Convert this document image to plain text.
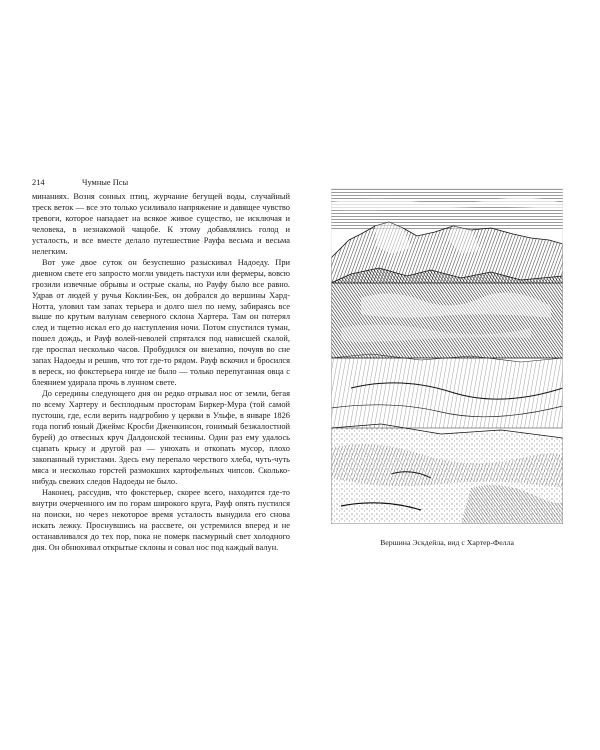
214	Чумные Псы

минаниях. Возня сонных птиц, журчание бегущей воды, случайный треск веток — все это только усиливало напряжение и давящее чувство тревоги, которое нападает на всякое живое существо, не исключая и человека, в незнакомой чащобе. К этому добавлялись голод и усталость, и все вместе делало путешествие Рауфа весьма и весьма нелегким.

Вот уже двое суток он безуспешно разыскивал Надоеду. При дневном свете его запросто могли увидеть пастухи или фермеры, вовсю грозили извечные обрывы и острые скалы, но Рауфу было все равно. Удрав от людей у ручья Коклин-Бек, он добрался до вершины Хард-Нотта, уловил там запах терьера и долго шел по нему, забираясь все выше по крутым валунам северного склона Хартера. Там он потерял след и тщетно искал его до наступления ночи. Потом спустился туман, пошел дождь, и Рауф волей-неволей спрятался под нависшей скалой, где проспал несколько часов. Пробудился он внезапно, почуяв во сне запах Надоеды и решив, что тот где-то рядом. Рауф вскочил и бросился в вереск, но фокстерьера нигде не было — только перепуганная овца с блеянием удирала прочь в лунном свете.

До середины следующего дня он редко отрывал нос от земли, бегая по всему Хартеру и бесплодным просторам Биркер-Мура (той самой пустоши, где, если верить надгробию у церкви в Ульфе, в январе 1826 года погиб юный Джеймс Кросби Дженкинсон, гонимый безжалостной бурей) до отвесных круч Далдонской теснины. Один раз ему удалось сцапать крысу и другой раз — унюхать и откопать мусор, плохо закопанный туристами. Здесь ему перепало черствого хлеба, чуть-чуть мяса и несколько горстей размокших картофельных чипсов. Сколько-нибудь свежих следов Надоеды не было.

Наконец, рассудив, что фокстерьер, скорее всего, находится где-то внутри очерченного им по горам широкого круга, Рауф опять пустился на поиски, но через некоторое время усталость вынудила его снова искать лежку. Проснувшись на рассвете, он устремился вперед и не останавливался до тех пор, пока не померк пасмурный свет холодного дня. Он обнюхивал открытые склоны и совал нос под каждый валун.	Вершина Эскдейла, вид с Хартер-Фелла
